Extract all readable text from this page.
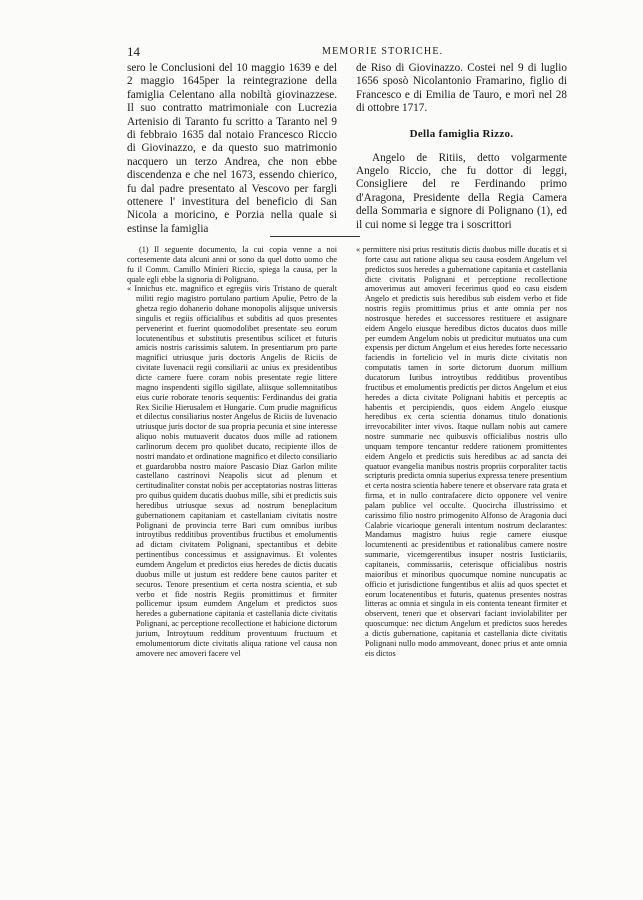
14	MEMORIE STORICHE.

sero le Conclusioni del 10 maggio 1639 e del 2 maggio 1645per la reintegrazione della famiglia Celentano alla nobiltà giovinazzese. Il suo contratto matrimoniale con Lucrezia Artenisio di Taranto fu scritto a Taranto nel 9 di febbraio 1635 dal notaio Francesco Riccio di Giovinazzo, e da questo suo matrimonio nacquero un terzo Andrea, che non ebbe discendenza e che nel 1673, essendo chierico, fu dal padre presentato al Vescovo per fargli ottenere l' investitura del beneficio di San Nicola a moricino, e Porzia nella quale si estinse la famiglia

de Riso di Giovinazzo. Costei nel 9 di luglio 1656 sposò Nicolantonio Framarino, figlio di Francesco e di Emilia de Tauro, e morì nel 28 di ottobre 1717.

Della famiglia Rizzo.

Angelo de Ritiis, detto volgarmente Angelo Riccio, che fu dottor di leggi, Consigliere del re Ferdinando primo d'Aragona, Presidente della Regia Camera della Sommaria e signore di Polignano (1), ed il cui nome si legge tra i soscrittori

(1) Il seguente documento, la cui copia venne a noi cortesemente data alcuni anni or sono da quel dotto uomo che fu il Comm. Camillo Minieri Riccio, spiega la causa, per la quale egli ebbe la signoria di Polignano.

« Innichus etc. magnifico et egregiis viris Tristano de queralt militi regio magistro portulano partium Apulie, Petro de la ghetza regio dohanerio dohane monopolis alijsque universis singulis et regiis officialibus et subditis ad quos presentes pervenerint et fuerint quomodolibet presentate seu eorum locutenentibus et substitutis presentibus scilicet et futuris amicis nostris carissimis salutem. In presentiarum pro parte magnifici utriusque juris doctoris Angelis de Riciis de civitate Iuvenacii regii consiliarii ac unius ex presidentibus dicte camere fuere coram nobis presentate regie littere magno inspendenti sigillo sigillate, aliisque sollemnitatibus eius curie roborate tenoris sequentis: Ferdinandus dei gratia Rex Sicilie Hierusalem et Hungarie. Cum prudie magnificus et dilectus consiliarius noster Angelus de Riciis de Iuvenacio utriusque juris doctor de sua propria pecunia et sine interesse aliquo nobis mutuaverit ducatos duos mille ad rationem carlinorum decem pro quolibet ducato, recipiente illos de nostri mandato et ordinatione magnifico et dilecto consiliario et guardarobba nostro maiore Pascasio Diaz Garlon milite castellano castrinovi Neapolis sicut ad plenum et certitudinaliter constat nobis per acceptatorias nostras litteras pro quibus quidem ducatis duobus mille, sibi et predictis suis heredibus utriusque sexus ad nostrum beneplacitum gubernationem capitaniam et castellaniam civitatis nostre Polignani de provincia terre Bari cum omnibus iuribus introytibus redditibus proventibus fructibus et emolumentis ad dictam civitatem Polignani, spectantibus et debite pertinentibus concessimus et assignavimus. Et volentes eumdem Angelum et predictos eius heredes de dictis ducatis duobus mille ut justum est reddere bene cautos pariter et securos. Tenore presentium et certa nostra scientia, et sub verbo et fide nostris Regiis promittimus et firmiter pollicemur ipsum eumdem Angelum et predictos suos heredes a gubernatione capitania et castellania dicte civitatis Polignani, ac perceptione recollectione et habicione dictorum jurium, Introytuum redditum proventuum fructuum et emolumentorum dicte civitatis aliqua ratione vel causa non amovere nec amoveri facere vel

« permittere nisi prius restitutis dictis duobus mille ducatis et si forte casu aut ratione aliqua seu causa eosdem Angelum vel predictos suos heredes a gubernatione capitania et castellania dicte civitatis Polignani et perceptione recollectione amoverimus aut amoveri fecerimus quod eo casu eisdem Angelo et predictis suis heredibus sub eisdem verbo et fide nostris regiis promittimus prius et ante omnia per nos nostrosque heredes et successores restituere et assignare eidem Angelo eiusque heredibus dictos ducatos duos mille per eumdem Angelum nobis ut predicitur mutuatos una cum expensis per dictum Angelum et eius heredes forte necessario faciendis in fortelicio vel in muris dicte civitatis non computatis tamen in sorte dictorum duorum millium ducatorum Iuribus introytibus redditibus proventibus fructibus et emolumentis predictis per dictos Angelum et eius heredes a dicta civitate Polignani habitis et perceptis ac habentis et percipiendis, quos eidem Angelo eiusque heredibus ex certa scientia donamus titulo donationis irrevocabiliter inter vivos. Itaque nullam nobis aut camere nostre summarie nec quibusvis officialibus nostris ullo unquam tempore tencantur reddere rationem promittentes eidem Angelo et predictis suis heredibus ac ad sancta dei quatuor evangelia manibus nostris propriis corporaliter tactis scripturis predicta omnia superius expressa tenere presentium et certa nostra scientia habere tenere et observare rata grata et firma, et in nullo contrafacere dicto opponere vel venire palam publice vel occulte. Quocircha illustrissimo et carissimo filio nostro primogenito Alfonso de Aragonia duci Calabrie vicarioque generali intentum nostrum declarantes: Mandamus magistro huius regie camere eiusque locumtenenti ac presidentibus et rationalibus camere nostre summarie, vicemgerentibus insuper nostris Iusticiariis, capitaneis, commissariis, ceterisque officialibus nostris maioribus et minoribus quocumque nomine nuncupatis ac officio et jurisdictione fungentibus et aliis ad quos spectet et eorum locatenentibus et futuris, quatenus presentes nostras litteras ac omnia et singula in eis contenta teneant firmiter et observent, teneri que et observari faciant inviolabiliter per quoscumque: nec dictum Angelum et predictos suos heredes a dictis gubernatione, capitania et castellania dicte civitatis Polignani nullo modo ammoveant, donec prius et ante omnia eis dictos
